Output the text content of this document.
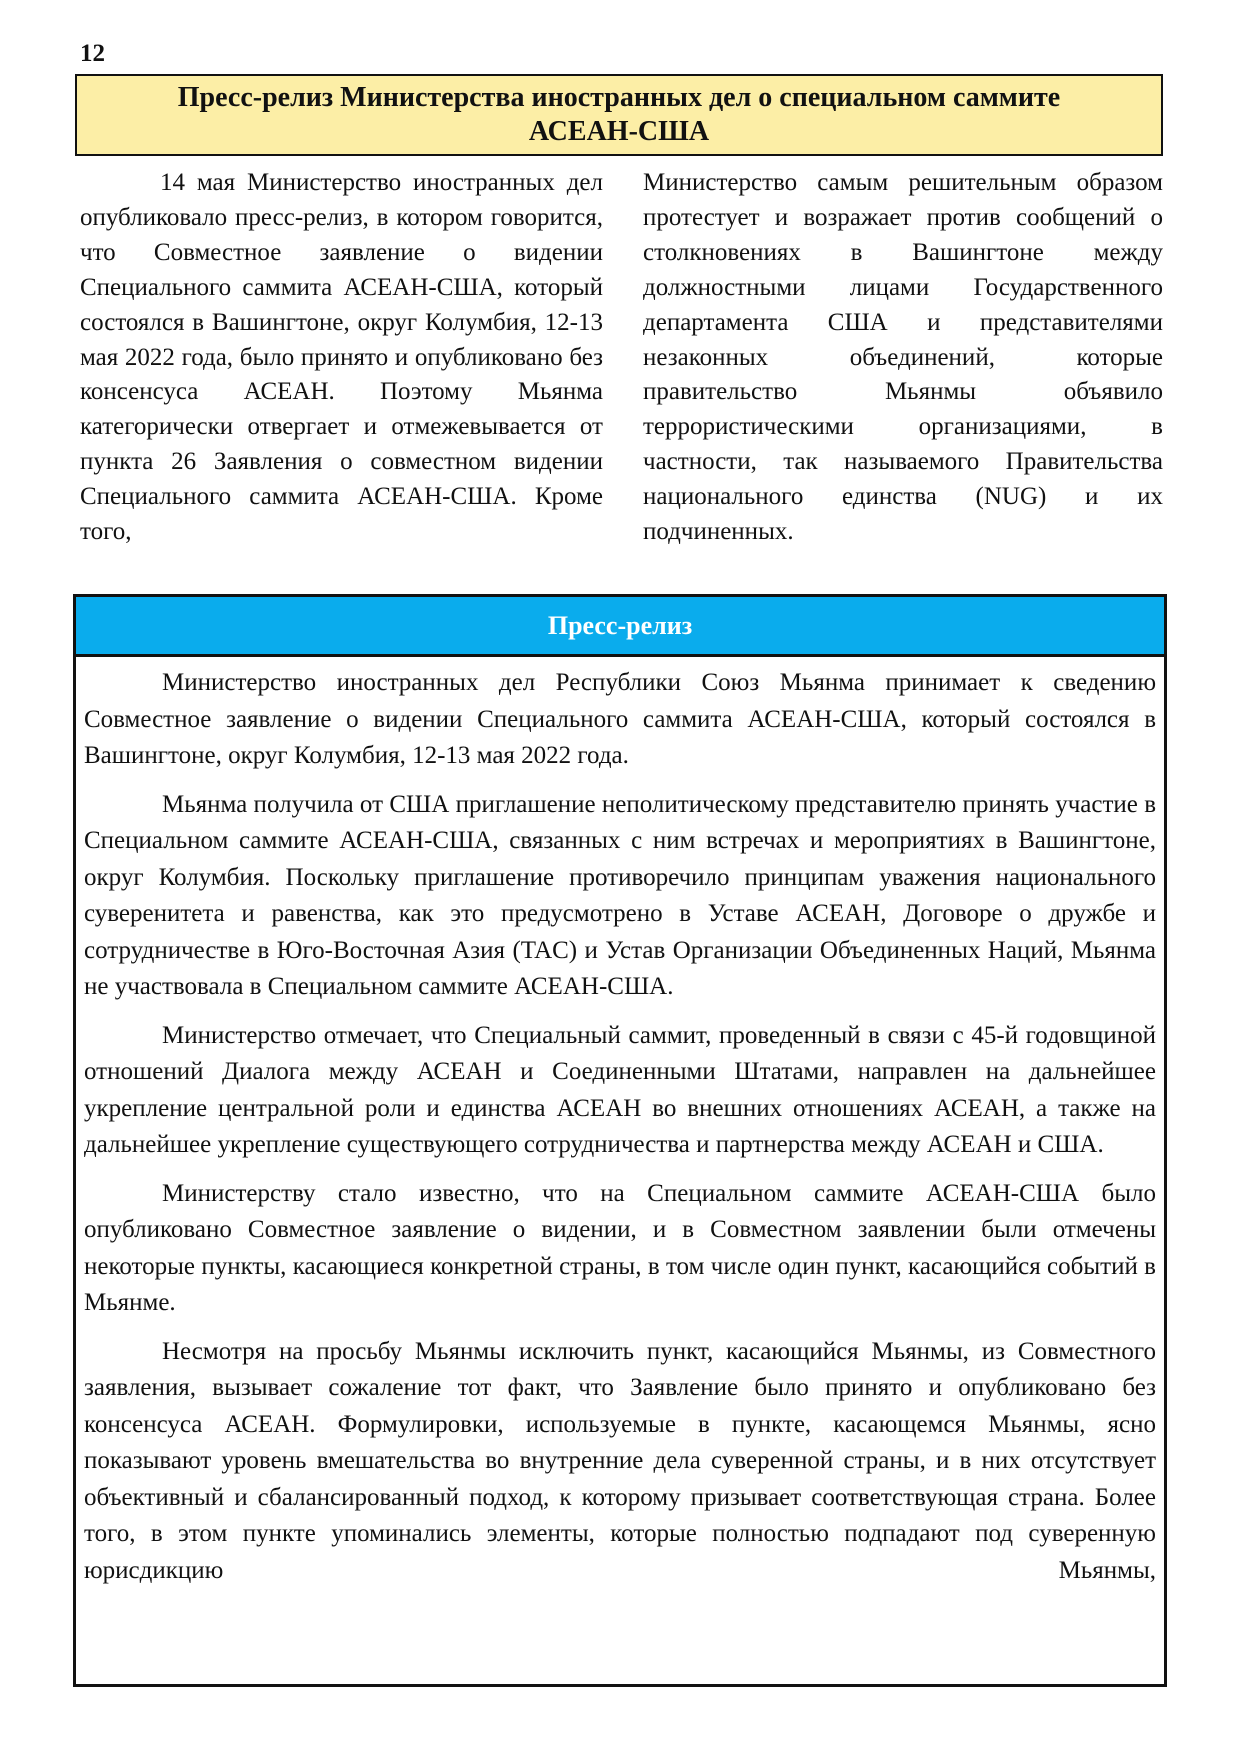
12
Пресс-релиз Министерства иностранных дел о специальном саммите
АСЕАН-США

14 мая Министерство иностранных дел опубликовало пресс-релиз, в котором говорится, что Совместное заявление о видении Специального саммита АСЕАН-США, который состоялся в Вашингтоне, округ Колумбия, 12-13 мая 2022 года, было принято и опубликовано без консенсуса АСЕАН. Поэтому Мьянма категорически отвергает и отмежевывается от пункта 26 Заявления о совместном видении Специального саммита АСЕАН-США. Кроме того,

Министерство самым решительным образом протестует и возражает против сообщений о столкновениях в Вашингтоне между должностными лицами Государственного департамента США и представителями незаконных объединений, которые правительство Мьянмы объявило террористическими организациями, в частности, так называемого Правительства национального единства (NUG) и их подчиненных.

Пресс-релиз

Министерство иностранных дел Республики Союз Мьянма принимает к сведению Совместное заявление о видении Специального саммита АСЕАН-США, который состоялся в Вашингтоне, округ Колумбия, 12-13 мая 2022 года.

Мьянма получила от США приглашение неполитическому представителю принять участие в Специальном саммите АСЕАН-США, связанных с ним встречах и мероприятиях в Вашингтоне, округ Колумбия. Поскольку приглашение противоречило принципам уважения национального суверенитета и равенства, как это предусмотрено в Уставе АСЕАН, Договоре о дружбе и сотрудничестве в Юго-Восточная Азия (TAC) и Устав Организации Объединенных Наций, Мьянма не участвовала в Специальном саммите АСЕАН-США.

Министерство отмечает, что Специальный саммит, проведенный в связи с 45-й годовщиной отношений Диалога между АСЕАН и Соединенными Штатами, направлен на дальнейшее укрепление центральной роли и единства АСЕАН во внешних отношениях АСЕАН, а также на дальнейшее укрепление существующего сотрудничества и партнерства между АСЕАН и США.

Министерству стало известно, что на Специальном саммите АСЕАН-США было опубликовано Совместное заявление о видении, и в Совместном заявлении были отмечены некоторые пункты, касающиеся конкретной страны, в том числе один пункт, касающийся событий в Мьянме.

Несмотря на просьбу Мьянмы исключить пункт, касающийся Мьянмы, из Совместного заявления, вызывает сожаление тот факт, что Заявление было принято и опубликовано без консенсуса АСЕАН. Формулировки, используемые в пункте, касающемся Мьянмы, ясно показывают уровень вмешательства во внутренние дела суверенной страны, и в них отсутствует объективный и сбалансированный подход, к которому призывает соответствующая страна. Более того, в этом пункте упоминались элементы, которые полностью подпадают под суверенную юрисдикцию Мьянмы,
